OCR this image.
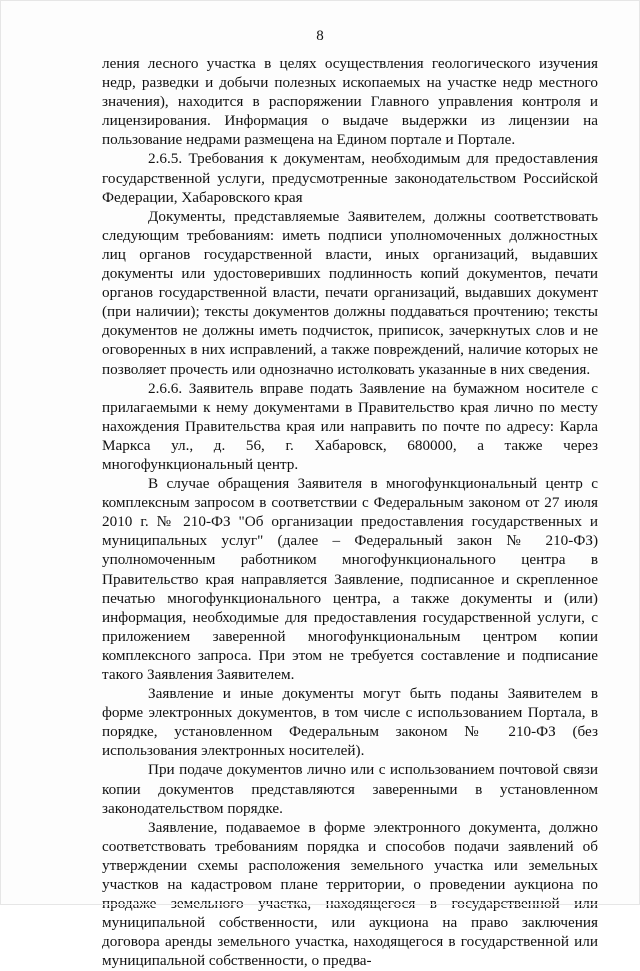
8

ления лесного участка в целях осуществления геологического изучения недр, разведки и добычи полезных ископаемых на участке недр местного значения), находится в распоряжении Главного управления контроля и лицензирования. Информация о выдаче выдержки из лицензии на пользование недрами размещена на Едином портале и Портале.

2.6.5. Требования к документам, необходимым для предоставления государственной услуги, предусмотренные законодательством Российской Федерации, Хабаровского края

Документы, представляемые Заявителем, должны соответствовать следующим требованиям: иметь подписи уполномоченных должностных лиц органов государственной власти, иных организаций, выдавших документы или удостоверивших подлинность копий документов, печати органов государственной власти, печати организаций, выдавших документ (при наличии); тексты документов должны поддаваться прочтению; тексты документов не должны иметь подчисток, приписок, зачеркнутых слов и не оговоренных в них исправлений, а также повреждений, наличие которых не позволяет прочесть или однозначно истолковать указанные в них сведения.

2.6.6. Заявитель вправе подать Заявление на бумажном носителе с прилагаемыми к нему документами в Правительство края лично по месту нахождения Правительства края или направить по почте по адресу: Карла Маркса ул., д. 56, г. Хабаровск, 680000, а также через многофункциональный центр.

В случае обращения Заявителя в многофункциональный центр с комплексным запросом в соответствии с Федеральным законом от 27 июля 2010 г. № 210-ФЗ "Об организации предоставления государственных и муниципальных услуг" (далее – Федеральный закон № 210-ФЗ) уполномоченным работником многофункционального центра в Правительство края направляется Заявление, подписанное и скрепленное печатью многофункционального центра, а также документы и (или) информация, необходимые для предоставления государственной услуги, с приложением заверенной многофункциональным центром копии комплексного запроса. При этом не требуется составление и подписание такого Заявления Заявителем.

Заявление и иные документы могут быть поданы Заявителем в форме электронных документов, в том числе с использованием Портала, в порядке, установленном Федеральным законом № 210-ФЗ (без использования электронных носителей).

При подаче документов лично или с использованием почтовой связи копии документов представляются заверенными в установленном законодательством порядке.

Заявление, подаваемое в форме электронного документа, должно соответствовать требованиям порядка и способов подачи заявлений об утверждении схемы расположения земельного участка или земельных участков на кадастровом плане территории, о проведении аукциона по продаже земельного участка, находящегося в государственной или муниципальной собственности, или аукциона на право заключения договора аренды земельного участка, находящегося в государственной или муниципальной собственности, о предва-
